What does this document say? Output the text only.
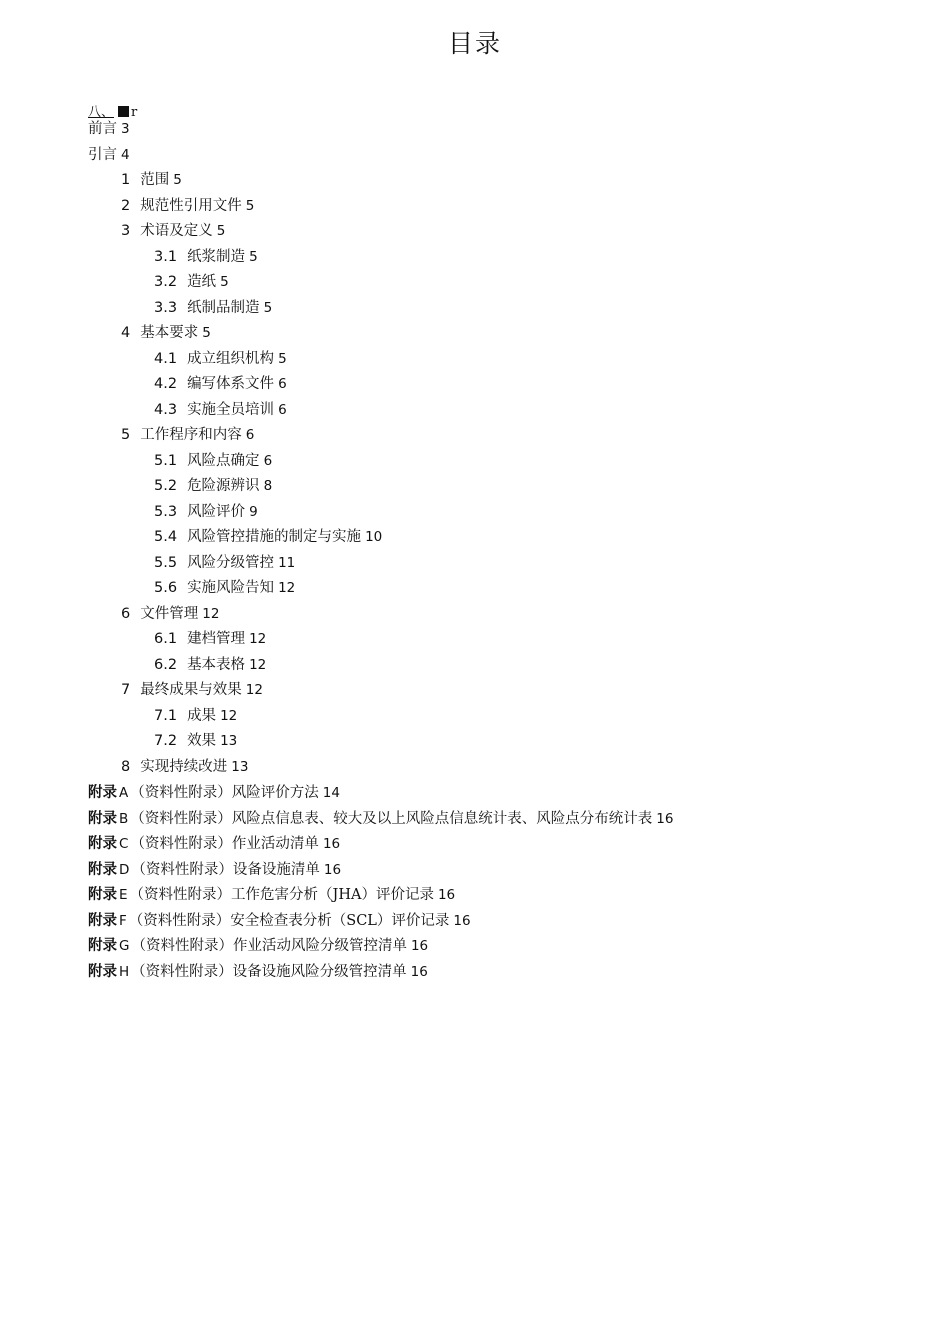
目录
八、 r
前言 3
引言 4
1 范围 5
2 规范性引用文件 5
3 术语及定义 5
3.1 纸浆制造 5
3.2 造纸 5
3.3 纸制品制造 5
4 基本要求 5
4.1 成立组织机构 5
4.2 编写体系文件 6
4.3 实施全员培训 6
5 工作程序和内容 6
5.1 风险点确定 6
5.2 危险源辨识 8
5.3 风险评价 9
5.4 风险管控措施的制定与实施 10
5.5 风险分级管控 11
5.6 实施风险告知 12
6 文件管理 12
6.1 建档管理 12
6.2 基本表格 12
7 最终成果与效果 12
7.1 成果 12
7.2 效果 13
8 实现持续改进 13
附录 A （资料性附录）风险评价方法 14
附录 B （资料性附录）风险点信息表、较大及以上风险点信息统计表、风险点分布统计表 16
附录 C （资料性附录）作业活动清单 16
附录 D （资料性附录）设备设施清单 16
附录 E （资料性附录）工作危害分析（JHA）评价记录 16
附录 F （资料性附录）安全检查表分析（SCL）评价记录 16
附录 G （资料性附录）作业活动风险分级管控清单 16
附录 H （资料性附录）设备设施风险分级管控清单 16
